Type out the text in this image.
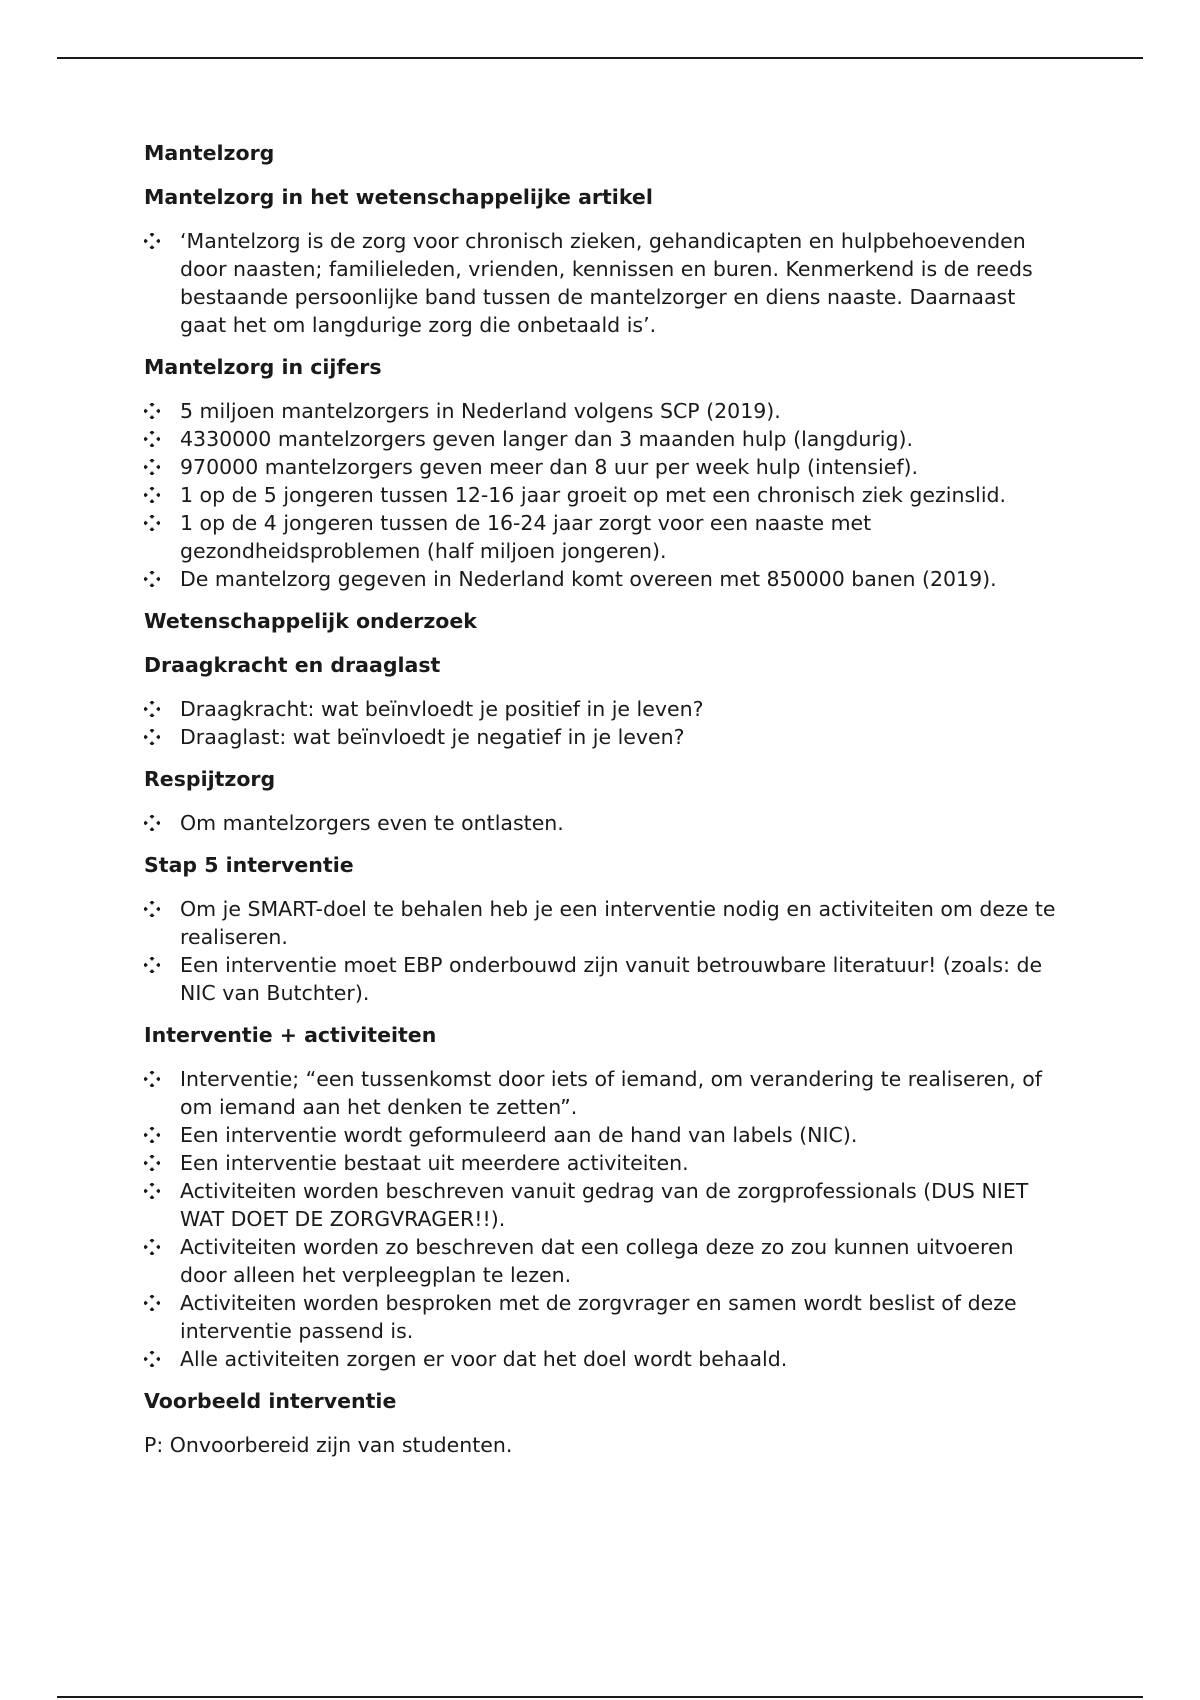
Mantelzorg
Mantelzorg in het wetenschappelijke artikel
‘Mantelzorg is de zorg voor chronisch zieken, gehandicapten en hulpbehoevenden door naasten; familieleden, vrienden, kennissen en buren. Kenmerkend is de reeds bestaande persoonlijke band tussen de mantelzorger en diens naaste. Daarnaast gaat het om langdurige zorg die onbetaald is’.
Mantelzorg in cijfers
5 miljoen mantelzorgers in Nederland volgens SCP (2019).
4330000 mantelzorgers geven langer dan 3 maanden hulp (langdurig).
970000 mantelzorgers geven meer dan 8 uur per week hulp (intensief).
1 op de 5 jongeren tussen 12-16 jaar groeit op met een chronisch ziek gezinslid.
1 op de 4 jongeren tussen de 16-24 jaar zorgt voor een naaste met gezondheidsproblemen (half miljoen jongeren).
De mantelzorg gegeven in Nederland komt overeen met 850000 banen (2019).
Wetenschappelijk onderzoek
Draagkracht en draaglast
Draagkracht: wat beïnvloedt je positief in je leven?
Draaglast: wat beïnvloedt je negatief in je leven?
Respijtzorg
Om mantelzorgers even te ontlasten.
Stap 5 interventie
Om je SMART-doel te behalen heb je een interventie nodig en activiteiten om deze te realiseren.
Een interventie moet EBP onderbouwd zijn vanuit betrouwbare literatuur! (zoals: de NIC van Butchter).
Interventie + activiteiten
Interventie; “een tussenkomst door iets of iemand, om verandering te realiseren, of om iemand aan het denken te zetten”.
Een interventie wordt geformuleerd aan de hand van labels (NIC).
Een interventie bestaat uit meerdere activiteiten.
Activiteiten worden beschreven vanuit gedrag van de zorgprofessionals (DUS NIET WAT DOET DE ZORGVRAGER!!).
Activiteiten worden zo beschreven dat een collega deze zo zou kunnen uitvoeren door alleen het verpleegplan te lezen.
Activiteiten worden besproken met de zorgvrager en samen wordt beslist of deze interventie passend is.
Alle activiteiten zorgen er voor dat het doel wordt behaald.
Voorbeeld interventie

P: Onvoorbereid zijn van studenten.
